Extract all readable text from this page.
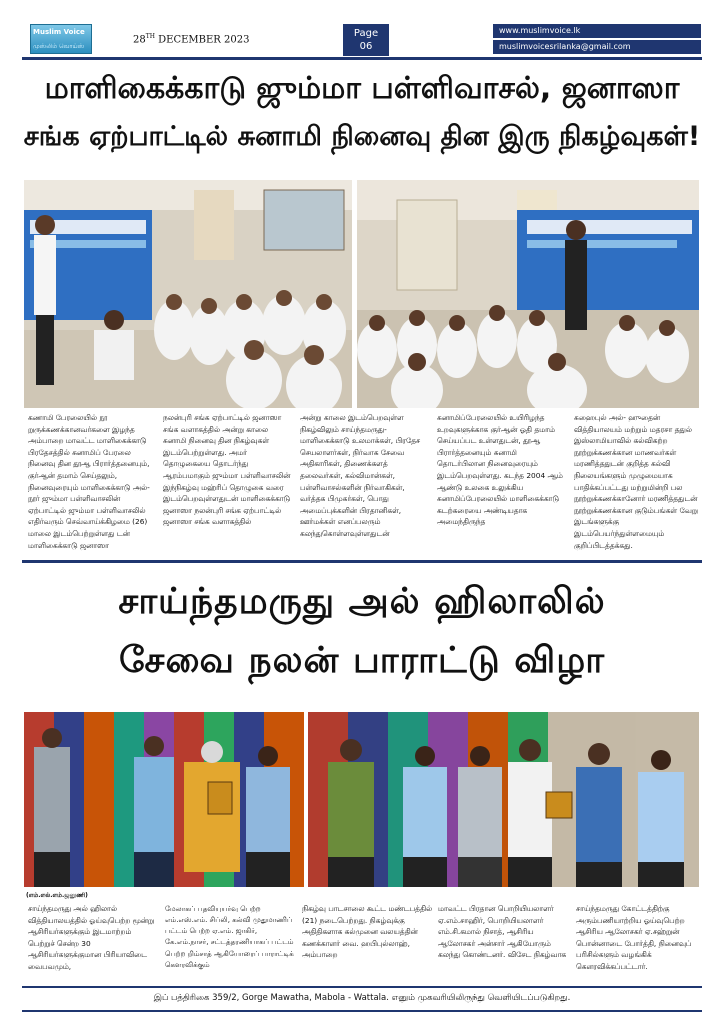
Muslim Voice
முஸ்லிம் வொய்ஸ்
28TH DECEMBER 2023
Page
06
www.muslimvoice.lk
muslimvoicesrilanka@gmail.com
மாளிகைக்காடு ஜும்மா பள்ளிவாசல், ஜனாஸா
சங்க ஏற்பாட்டில் சுனாமி நினைவு தின இரு நிகழ்வுகள்!

கணாமி பேரலையில் நூ றுருக்கணக்கானவர்களை இழந்த அம்பாறை மாவட்ட மாளிகைக்காடு பிரதேசத்தில் சுனாமிப் பேரலை நினைவு தின தூஆ பிரார்த்தனையும், குர்ஆன் தமாம் செய்தலும், நினைவுரையும் மாளிகைக்காடு அல்- நூர் ஜும்மா பள்ளிவாசலின் ஏற்பாட்டில் ஜும்மா பள்ளிவாசலில் எதிர்வரும் செவ்வாய்க்கிழமை (26) மாலை இடம்பெற்றுள்ளது டன் மாளிகைக்காடு ஜனாஸா

நலன்புரி சங்க ஏற்பாட்டில் ஜனாஸா சங்க வளாகத்தில் அன்று காலை சுனாமி நினைவு தின நிகழ்வுகள் இடம்பெற்றுள்ளது. அமர் தொழுகையை தொடர்ந்து ஆரம்பமாகும் ஜும்மா பள்ளிவாசலின் இந்நிகழ்வு மஹ்ரிப் தொழுகை வரை இடம்பெறவுள்ளதுடன் மாளிகைக்காடு ஜனாஸா நலன்புரி சங்க ஏற்பாட்டில் ஜனாஸா சங்க வளாகத்தில்

அன்று காலை இடம்பெறவுள்ள நிகழ்விலும் சாய்ந்தமருது- மாளிகைக்காடு உலமாக்கள், பிரதேச செயலாளர்கள், நிர்வாக சேவை அதிகாரிகள், திணைக்களத் தலைவர்கள், கல்விமான்கள், பள்ளிவாசல்களின் நிர்வாகிகள், வர்த்தக பிமுகர்கள், பொது அமைப்புக்களின் பிரதானிகள், ஊர்மக்கள் எனப்பலரும் கலந்துகொள்ளவுள்ளதுடன்

சுனாமிப்பேரலையில் உயிரிழந்த உறவுகளுக்காக குர்ஆன் ஓதி தமாம் செய்யப்பட உள்ளதுடன், தூஆ பிரார்த்தனையும் சுனாமி தொடர்பிலான நினைவுரையும் இடம்பெறவுள்ளது. கடந்த 2004 ஆம் ஆண்டு உலகை உலுக்கிய சுனாமிப்பேரலையில் மாளிகைக்காடு கடற்கரையை அண்டியதாக அமைந்திருந்த

சுஹைபுல் அல்- ஹுதைன் வித்தியாலயம் மற்றும் மதரசா ததுல் இஸ்லாமியாவில் கல்விகற்ற நூற்றுக்கணக்கான மாணவர்கள் மரணித்ததுடன் குறித்த கல்வி நிலையங்களும் முழுமையாக பாதிக்கப்பட்டது மற்றுமின்றி பல நூற்றுக்கணக்கானோர் மரணித்ததுடன் நூற்றுக்கணக்கான குடும்பங்கள் வேறு இடங்களுக்கு இடம்பெயர்ந்துள்ளமையும் குறிப்பிடத்தக்கது.

சாய்ந்தமருது அல் ஹிலாலில்
சேவை நலன் பாராட்டு விழா
(எம்.எல்.எம்.ஜனுணி)

சாய்ந்தமருது அல் ஹிலால் வித்தியாலயத்தில் ஓய்வுபெற்ற மூன்று ஆசிரியர்களுக்கும் இடமாற்றம் பெற்றுச் சென்ற 30 ஆசிரியர்களுக்குமான பிரியாவிடை வைபவமும்,

மேலாகப் பதவியுயர்வு பெற்ற எம்.எஸ்.எம். சிப்லி, கல்வி முதுமாணிப் பட்டம் பெற்ற ஏ.எம். ஜாகிர், கே.எம்.நாசர், சட்டத்தரணியாகப் பட்டம் பெற்ற றிம்சாத் ஆகியோரைப் பாராட்டிக் கௌரவிக்கும்

நிகழ்வு பாடசாலை கூட்ட மண்டபத்தில் (21) நடைபெற்றது. நிகழ்வுக்கு அதிதிகளாக கல்முனை வலயத்தின் கணக்காளர் வை. ஹபிபுல்லாஹ், அம்பாறை

மாவட்ட பிரதான பொறியியலாளர் ஏ.எம்.சாஹிர், பொறியியலாளர் எம்.சி.கமால் நிசாத், ஆசிரிய ஆலோசகர் அன்சார் ஆகியோரும் கலந்து கொண்டனர். விசேட நிகழ்வாக

சாய்ந்தமருது கோட்டத்திற்கு அரும்பணியாற்றிய ஓய்வுபெற்ற ஆசிரிய ஆலோசகர் ஏ.சஹ்றுன் பொன்னாடை போர்த்தி, நினைவுப் பரிசில்களும் வழங்கிக் கௌரவிக்கப்பட்டார்.

இப் பத்திரிகை 359/2, Gorge Mawatha, Mabola - Wattala. எனும் முகவரியிலிருந்து வெளியிடப்படுகிறது.
